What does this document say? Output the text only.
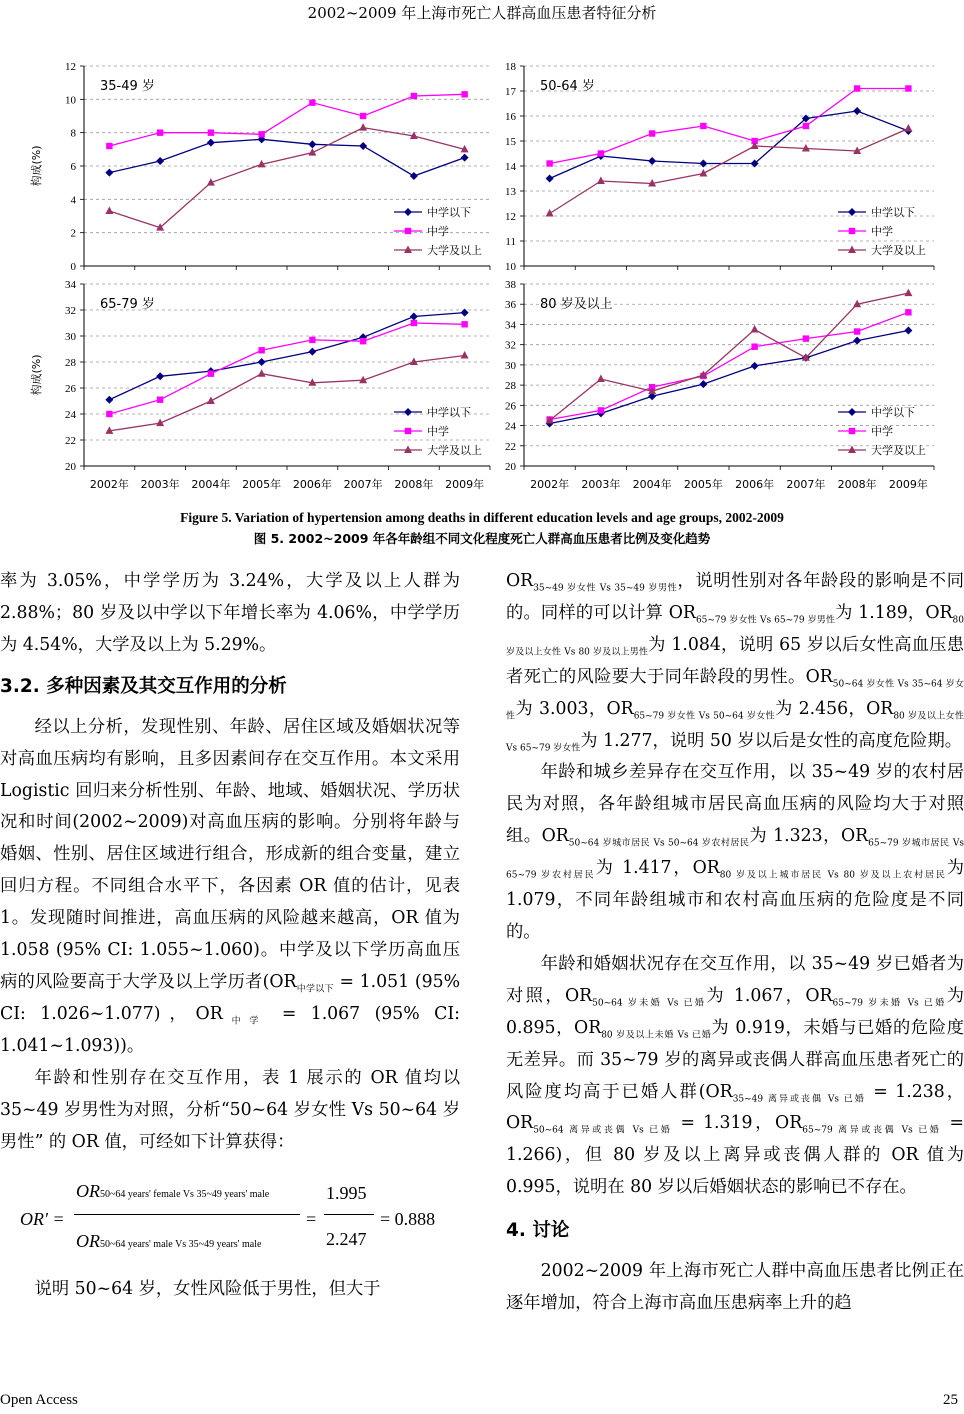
2002~2009 年上海市死亡人群高血压患者特征分析
0
2
4
6
8
10
12
35-49 岁
构成(%)
中学以下
中学
大学及以上
10
11
12
13
14
15
16
17
18
50-64 岁
中学以下
中学
大学及以上
20
22
24
26
28
30
32
34
2002年 2003年 2004年 2005年 2006年 2007年 2008年 2009年
65-79 岁
构成(%)
中学以下
中学
大学及以上
20
22
24
26
28
30
32
34
36
38
2002年 2003年 2004年 2005年 2006年 2007年 2008年 2009年
80 岁及以上
中学以下
中学
大学及以上
Figure 5. Variation of hypertension among deaths in different education levels and age groups, 2002-2009
图 5. 2002~2009 年各年龄组不同文化程度死亡人群高血压患者比例及变化趋势

率为 3.05%，中学学历为 3.24%，大学及以上人群为 2.88%；80 岁及以中学以下年增长率为 4.06%，中学学历为 4.54%，大学及以上为 5.29%。

3.2. 多种因素及其交互作用的分析

经以上分析，发现性别、年龄、居住区域及婚姻状况等对高血压病均有影响，且多因素间存在交互作用。本文采用 Logistic 回归来分析性别、年龄、地域、婚姻状况、学历状况和时间(2002~2009)对高血压病的影响。分别将年龄与婚姻、性别、居住区域进行组合，形成新的组合变量，建立回归方程。不同组合水平下，各因素 OR 值的估计，见表 1。发现随时间推进，高血压病的风险越来越高，OR 值为 1.058 (95% CI: 1.055~1.060)。中学及以下学历高血压病的风险要高于大学及以上学历者($OR_{中学以下} = 1.051$ (95% CI: 1.026~1.077)，$OR_{中学} = 1.067$ (95% CI: 1.041~1.093))。

年龄和性别存在交互作用，表 1 展示的 OR 值均以 35~49 岁男性为对照，分析“50~64 岁女性 Vs 50~64 岁男性” 的 OR 值，可经如下计算获得：

OR′ =
OR50~64 years' female Vs 35~49 years' male
OR50~64 years' male Vs 35~49 years' male
=
1.995
2.247
= 0.888

说明 50~64 岁，女性风险低于男性，但大于

$OR_{35\sim 49 岁女性 Vs 35\sim 49 岁男性}$，说明性别对各年龄段的影响是不同的。同样的可以计算 $OR_{65\sim 79 岁女性 Vs 65\sim 79 岁男性}$为 1.189，$OR_{80 岁及以上女性 Vs 80 岁及以上男性}$为 1.084，说明 65 岁以后女性高血压患者死亡的风险要大于同年龄段的男性。$OR_{50\sim 64 岁女性 Vs 35\sim 64 岁女性}$为 3.003，$OR_{65\sim 79 岁女性 Vs 50\sim 64 岁女性}$为 2.456，$OR_{80 岁及以上女性 Vs 65\sim 79 岁女性}$为 1.277，说明 50 岁以后是女性的高度危险期。

年龄和城乡差异存在交互作用，以 35~49 岁的农村居民为对照，各年龄组城市居民高血压病的风险均大于对照组。$OR_{50\sim 64 岁城市居民 Vs 50\sim 64 岁农村居民}$为 1.323，$OR_{65\sim 79 岁城市居民 Vs 65\sim 79 岁农村居民}$为 1.417，$OR_{80 岁及以上城市居民 Vs 80 岁及以上农村居民}$为 1.079，不同年龄组城市和农村高血压病的危险度是不同的。

年龄和婚姻状况存在交互作用，以 35~49 岁已婚者为对照，$OR_{50\sim 64 岁未婚 Vs 已婚}$为 1.067，$OR_{65\sim 79 岁未婚 Vs 已婚}$为 0.895，$OR_{80 岁及以上未婚 Vs 已婚}$为 0.919，未婚与已婚的危险度无差异。而 35~79 岁的离异或丧偶人群高血压患者死亡的风险度均高于已婚人群($OR_{35\sim 49 离异或丧偶 Vs 已婚} = 1.238$，$OR_{50\sim 64 离异或丧偶 Vs 已婚} = 1.319$，$OR_{65\sim 79 离异或丧偶 Vs 已婚} = 1.266$)，但 80 岁及以上离异或丧偶人群的 OR 值为 0.995，说明在 80 岁以后婚姻状态的影响已不存在。

4. 讨论

2002~2009 年上海市死亡人群中高血压患者比例正在逐年增加，符合上海市高血压患病率上升的趋

Open Access	25
